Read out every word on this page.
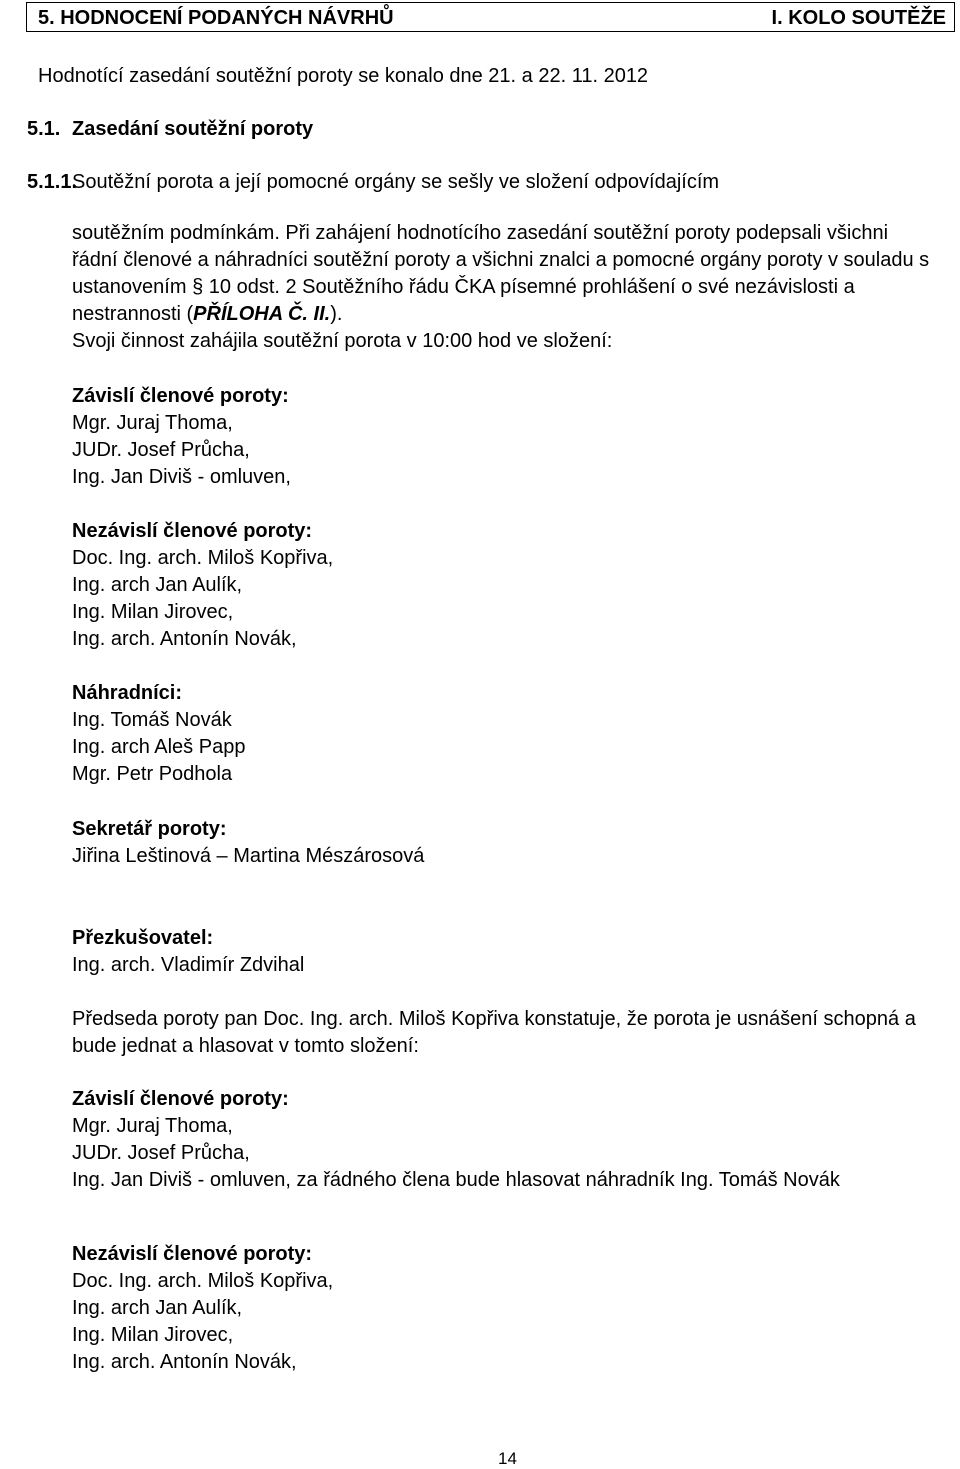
5. HODNOCENÍ PODANÝCH NÁVRHŮ	I. KOLO SOUTĚŽE
Hodnotící zasedání soutěžní poroty se konalo dne 21. a 22. 11. 2012
5.1. Zasedání soutěžní poroty
5.1.1.
Soutěžní porota a její pomocné orgány se sešly ve složení odpovídajícím

soutěžním podmínkám. Při zahájení hodnotícího zasedání soutěžní poroty podepsali všichni řádní členové a náhradníci soutěžní poroty a všichni znalci a pomocné orgány poroty v souladu s ustanovením § 10 odst. 2 Soutěžního řádu ČKA písemné prohlášení o své nezávislosti a nestrannosti (PŘÍLOHA Č. II.).

Svoji činnost zahájila soutěžní porota v 10:00 hod ve složení:

Závislí členové poroty:
Mgr. Juraj Thoma,
JUDr. Josef Průcha,
Ing. Jan Diviš - omluven,
Nezávislí členové poroty:
Doc. Ing. arch. Miloš Kopřiva,
Ing. arch Jan Aulík,
Ing. Milan Jirovec,
Ing. arch. Antonín Novák,
Náhradníci:
Ing. Tomáš Novák
Ing. arch Aleš Papp
Mgr. Petr Podhola
Sekretář poroty:
Jiřina Leštinová – Martina Mészárosová
Přezkušovatel:
Ing. arch. Vladimír Zdvihal
Předseda poroty pan Doc. Ing. arch. Miloš Kopřiva konstatuje, že porota je usnášení schopná a bude jednat a hlasovat v tomto složení:
Závislí členové poroty:
Mgr. Juraj Thoma,
JUDr. Josef Průcha,
Ing. Jan Diviš - omluven, za řádného člena bude hlasovat náhradník Ing. Tomáš Novák
Nezávislí členové poroty:
Doc. Ing. arch. Miloš Kopřiva,
Ing. arch Jan Aulík,
Ing. Milan Jirovec,
Ing. arch. Antonín Novák,
14
